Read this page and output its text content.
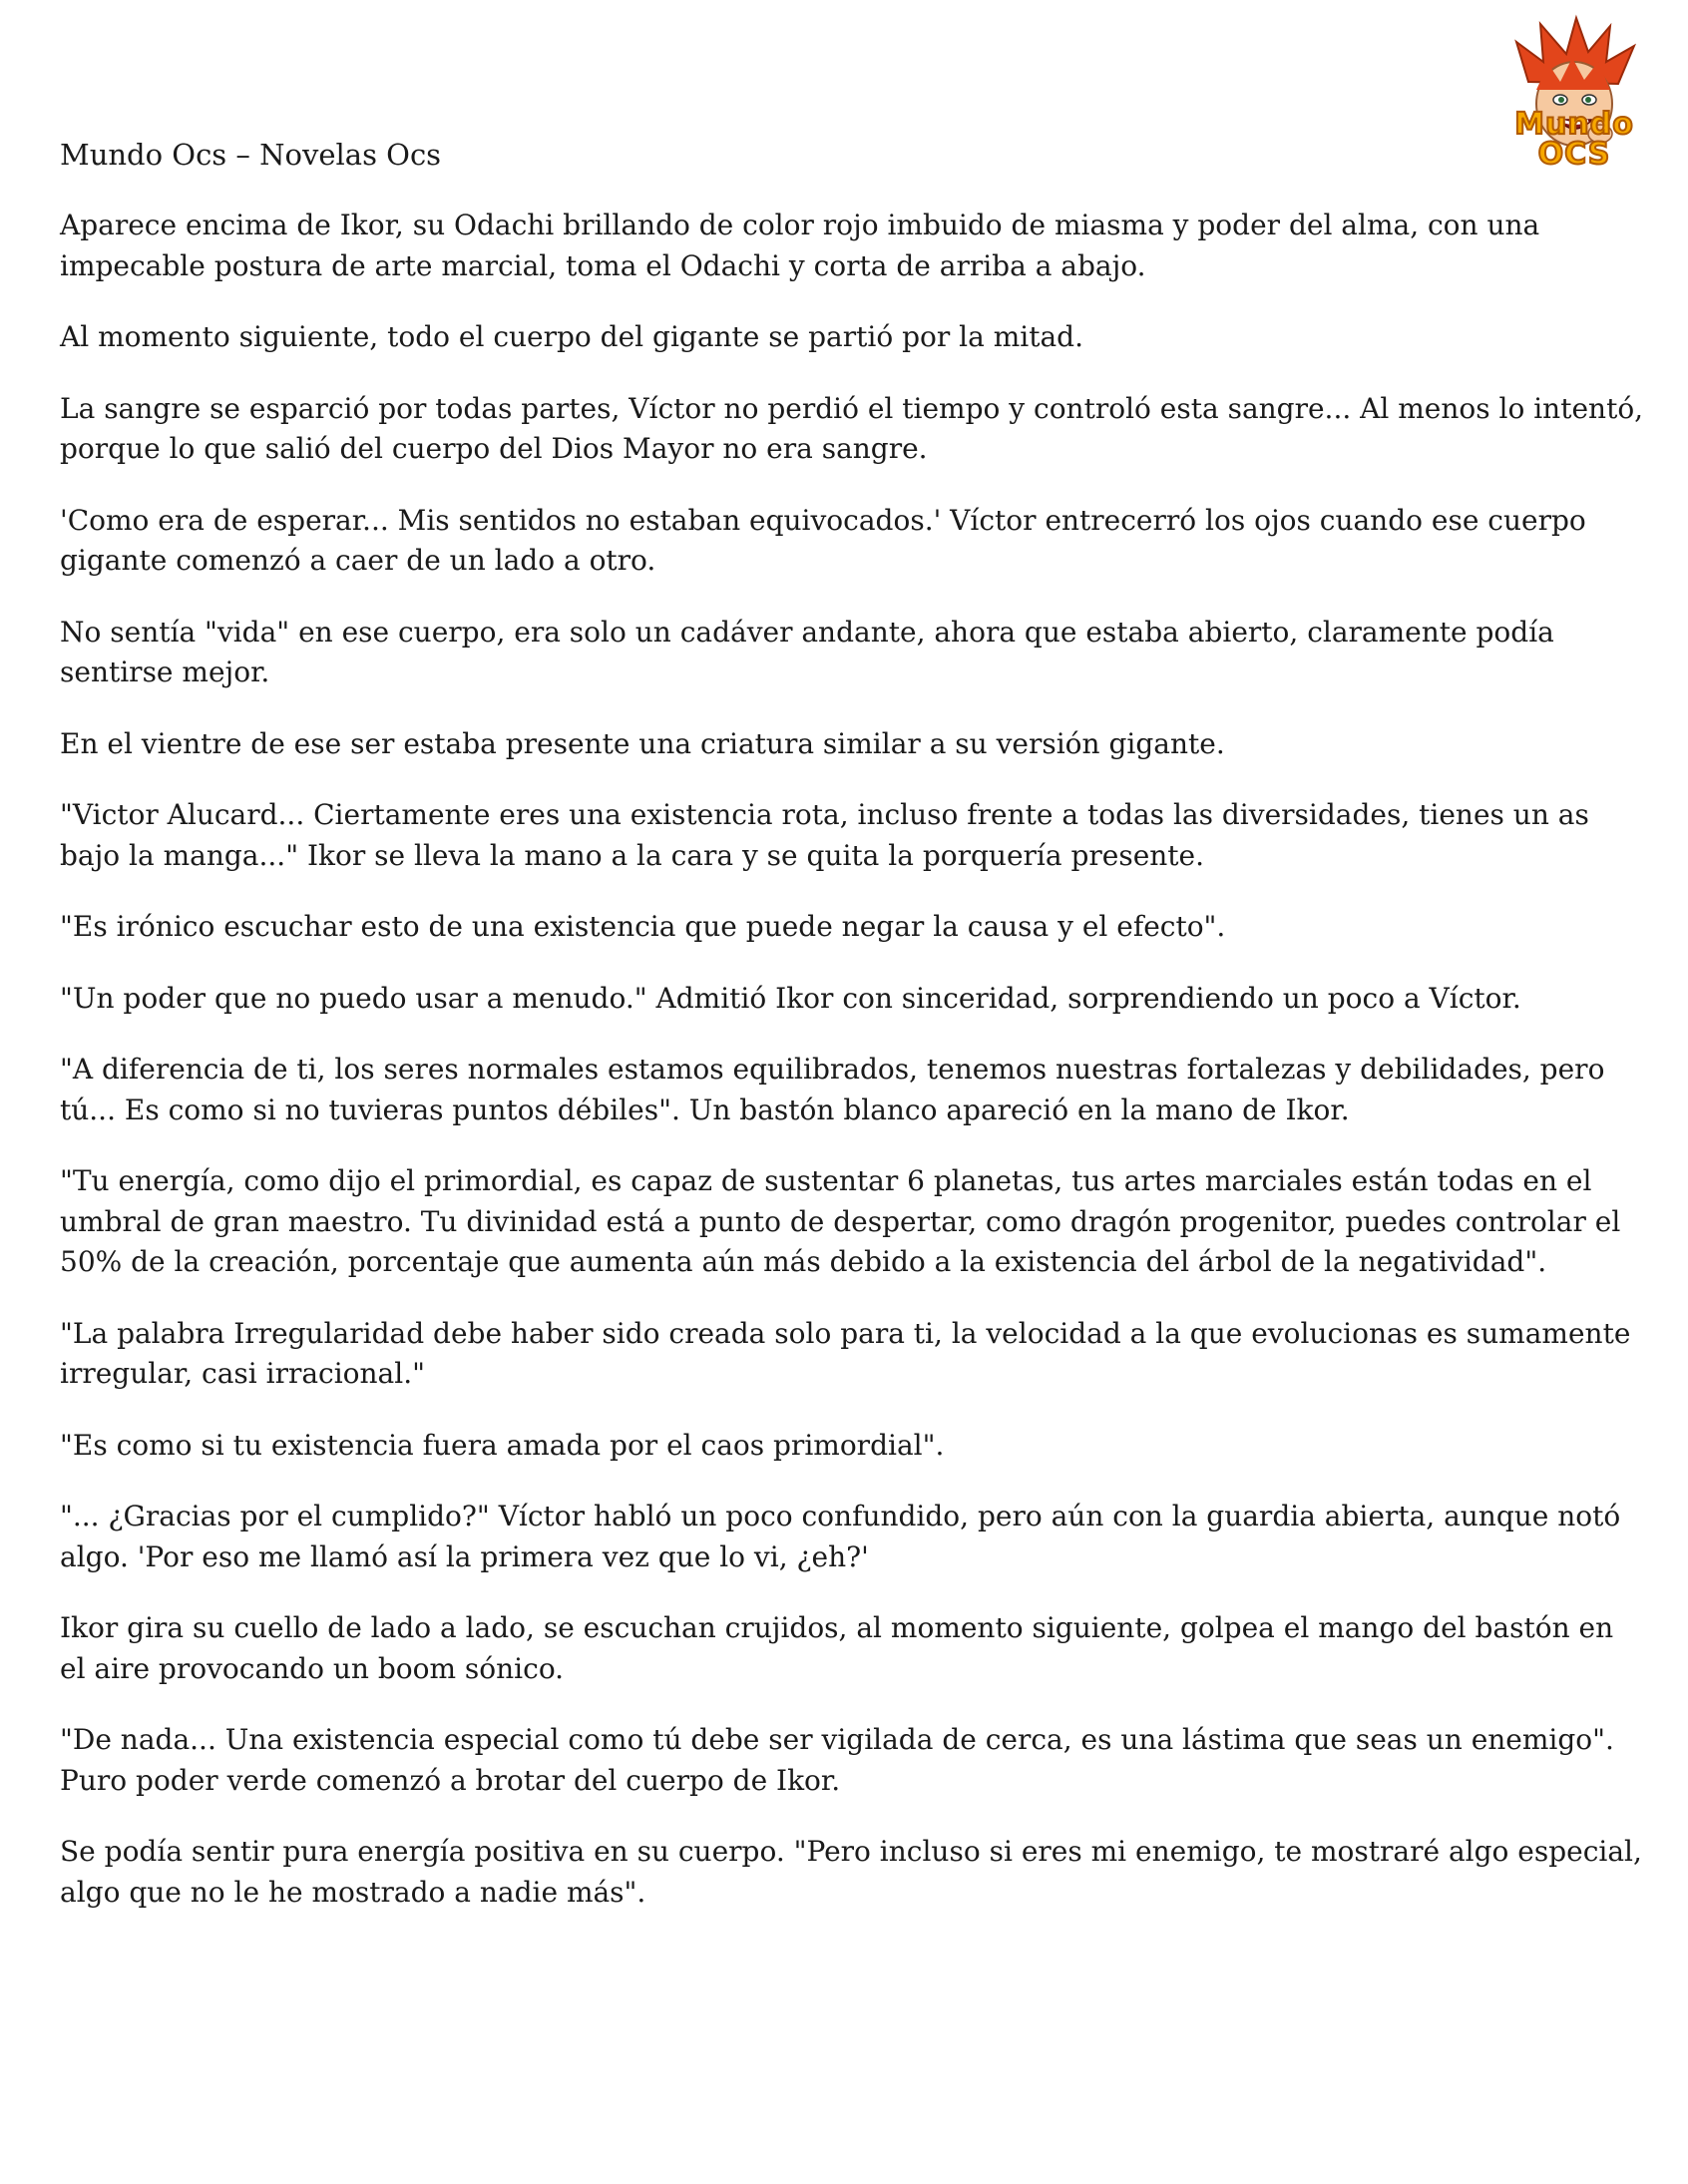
Mundo OCS
Mundo Ocs – Novelas Ocs

Aparece encima de Ikor, su Odachi brillando de color rojo imbuido de miasma y poder del alma, con una impecable postura de arte marcial, toma el Odachi y corta de arriba a abajo.

Al momento siguiente, todo el cuerpo del gigante se partió por la mitad.

La sangre se esparció por todas partes, Víctor no perdió el tiempo y controló esta sangre... Al menos lo intentó, porque lo que salió del cuerpo del Dios Mayor no era sangre.

'Como era de esperar... Mis sentidos no estaban equivocados.' Víctor entrecerró los ojos cuando ese cuerpo gigante comenzó a caer de un lado a otro.

No sentía "vida" en ese cuerpo, era solo un cadáver andante, ahora que estaba abierto, claramente podía sentirse mejor.

En el vientre de ese ser estaba presente una criatura similar a su versión gigante.

"Victor Alucard... Ciertamente eres una existencia rota, incluso frente a todas las diversidades, tienes un as bajo la manga..." Ikor se lleva la mano a la cara y se quita la porquería presente.

"Es irónico escuchar esto de una existencia que puede negar la causa y el efecto".

"Un poder que no puedo usar a menudo." Admitió Ikor con sinceridad, sorprendiendo un poco a Víctor.

"A diferencia de ti, los seres normales estamos equilibrados, tenemos nuestras fortalezas y debilidades, pero tú... Es como si no tuvieras puntos débiles". Un bastón blanco apareció en la mano de Ikor.

"Tu energía, como dijo el primordial, es capaz de sustentar 6 planetas, tus artes marciales están todas en el umbral de gran maestro. Tu divinidad está a punto de despertar, como dragón progenitor, puedes controlar el 50% de la creación, porcentaje que aumenta aún más debido a la existencia del árbol de la negatividad".

"La palabra Irregularidad debe haber sido creada solo para ti, la velocidad a la que evolucionas es sumamente irregular, casi irracional."

"Es como si tu existencia fuera amada por el caos primordial".

"... ¿Gracias por el cumplido?" Víctor habló un poco confundido, pero aún con la guardia abierta, aunque notó algo. 'Por eso me llamó así la primera vez que lo vi, ¿eh?'

Ikor gira su cuello de lado a lado, se escuchan crujidos, al momento siguiente, golpea el mango del bastón en el aire provocando un boom sónico.

"De nada... Una existencia especial como tú debe ser vigilada de cerca, es una lástima que seas un enemigo". Puro poder verde comenzó a brotar del cuerpo de Ikor.

Se podía sentir pura energía positiva en su cuerpo. "Pero incluso si eres mi enemigo, te mostraré algo especial, algo que no le he mostrado a nadie más".
